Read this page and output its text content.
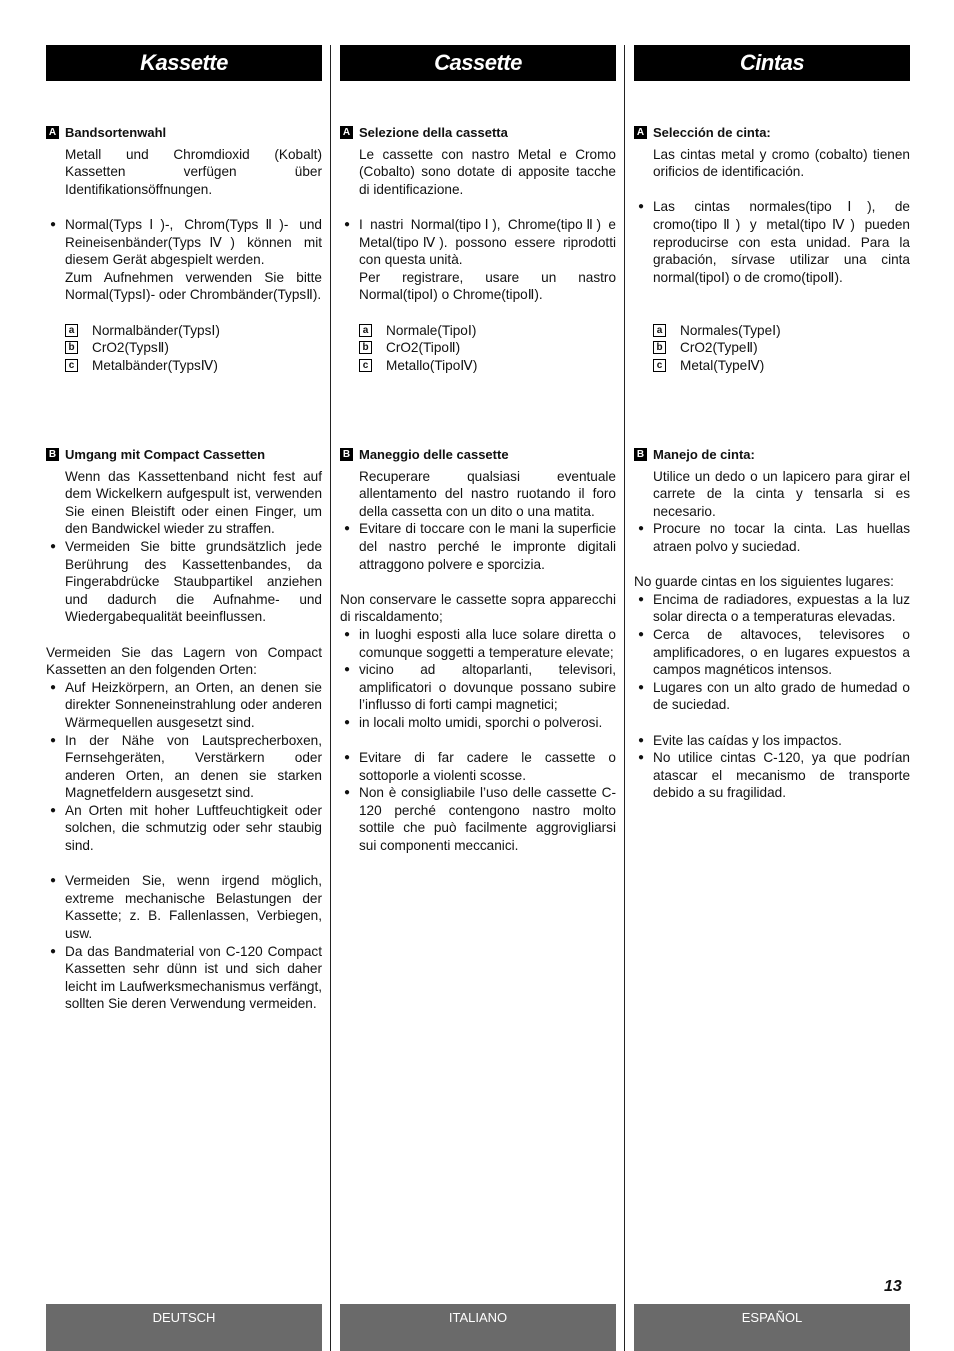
Kassette
A Bandsortenwahl

Metall und Chromdioxid (Kobalt) Kassetten verfügen über Identifikationsöffnungen.

● Normal(TypsⅠ)-, Chrom(TypsⅡ)- und Reineisenbänder(TypsⅣ) können mit diesem Gerät abgespielt werden.

Zum Aufnehmen verwenden Sie bitte Normal(TypsⅠ)- oder Chrombänder(TypsⅡ).

a Normalbänder(TypsⅠ)
b CrO2(TypsⅡ)
c Metalbänder(TypsⅣ)
B Umgang mit Compact Cassetten

Wenn das Kassettenband nicht fest auf dem Wickelkern aufgespult ist, verwenden Sie einen Bleistift oder einen Finger, um den Bandwickel wieder zu straffen.

● Vermeiden Sie bitte grundsätzlich jede Berührung des Kassettenbandes, da Fingerabdrücke Staubpartikel anziehen und dadurch die Aufnahme- und Wiedergabequalität beeinflussen.

Vermeiden Sie das Lagern von Compact Kassetten an den folgenden Orten:

● Auf Heizkörpern, an Orten, an denen sie direkter Sonneneinstrahlung oder anderen Wärmequellen ausgesetzt sind.
● In der Nähe von Lautsprecherboxen, Fernsehgeräten, Verstärkern oder anderen Orten, an denen sie starken Magnetfeldern ausgesetzt sind.
● An Orten mit hoher Luftfeuchtigkeit oder solchen, die schmutzig oder sehr staubig sind.
● Vermeiden Sie, wenn irgend möglich, extreme mechanische Belastungen der Kassette; z. B. Fallenlassen, Verbiegen, usw.
● Da das Bandmaterial von C-120 Compact Kassetten sehr dünn ist und sich daher leicht im Laufwerksmechanismus verfängt, sollten Sie deren Verwendung vermeiden.
Cassette
A Selezione della cassetta

Le cassette con nastro Metal e Cromo (Cobalto) sono dotate di apposite tacche di identificazione.

● I nastri Normal(tipoⅠ), Chrome(tipoⅡ) e Metal(tipoⅣ). possono essere riprodotti con questa unità.

Per registrare, usare un nastro Normal(tipoⅠ) o Chrome(tipoⅡ).

a Normale(TipoⅠ)
b CrO2(TipoⅡ)
c Metallo(TipoⅣ)
B Maneggio delle cassette

Recuperare qualsiasi eventuale allentamento del nastro ruotando il foro della cassetta con un dito o una matita.

● Evitare di toccare con le mani la superficie del nastro perché le impronte digitali attraggono polvere e sporcizia.

Non conservare le cassette sopra apparecchi di riscaldamento;

● in luoghi esposti alla luce solare diretta o comunque soggetti a temperature elevate;
● vicino ad altoparlanti, televisori, amplificatori o dovunque possano subire l’influsso di forti campi magnetici;
● in locali molto umidi, sporchi o polverosi.
● Evitare di far cadere le cassette o sottoporle a violenti scosse.
● Non è consigliabile l’uso delle cassette C-120 perché contengono nastro molto sottile che può facilmente aggrovigliarsi sui componenti meccanici.
Cintas
A Selección de cinta:

Las cintas metal y cromo (cobalto) tienen orificios de identificación.

● Las cintas normales(tipoⅠ), de cromo(tipoⅡ) y metal(tipoⅣ) pueden reproducirse con esta unidad. Para la grabación, sírvase utilizar una cinta normal(tipoⅠ) o de cromo(tipoⅡ).
a Normales(TypeⅠ)
b CrO2(TypeⅡ)
c Metal(TypeⅣ)
B Manejo de cinta:

Utilice un dedo o un lapicero para girar el carrete de la cinta y tensarla si es necesario.

● Procure no tocar la cinta. Las huellas atraen polvo y suciedad.

No guarde cintas en los siguientes lugares:

● Encima de radiadores, expuestas a la luz solar directa o a temperaturas elevadas.
● Cerca de altavoces, televisores o amplificadores, o en lugares expuestos a campos magnéticos intensos.
● Lugares con un alto grado de humedad o de suciedad.
● Evite las caídas y los impactos.
● No utilice cintas C-120, ya que podrían atascar el mecanismo de transporte debido a su fragilidad.
13
DEUTSCH	ITALIANO	ESPAÑOL
